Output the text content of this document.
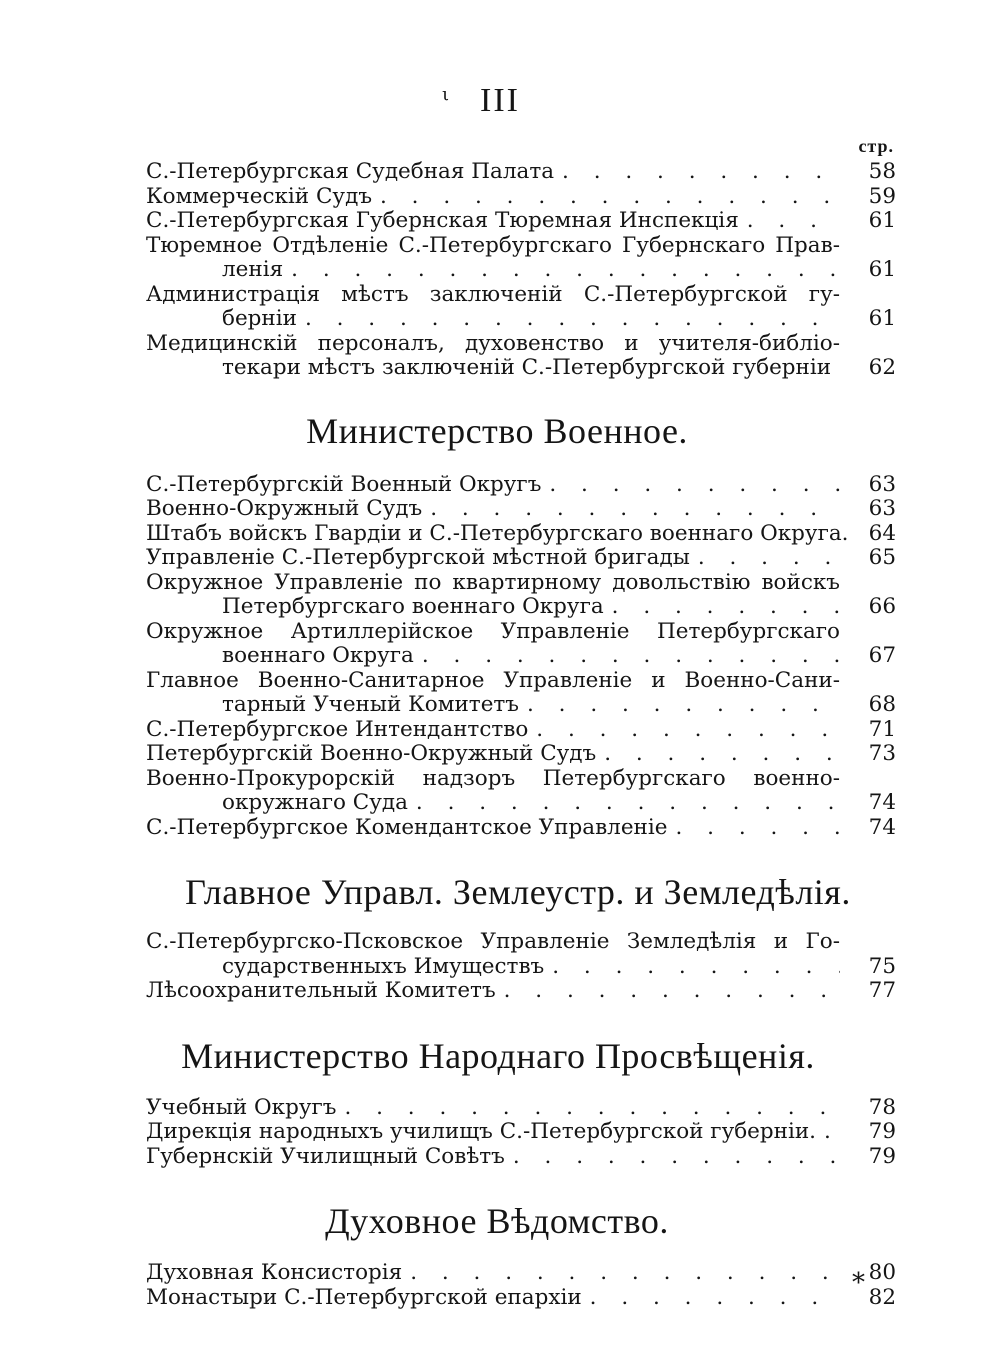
III
ι
стр.
С.-Петербургская Судебная Палата . . .	58
Коммерческій Судъ . . .	59
С.-Петербургская Губернская Тюремная Инспекція . . .	61
Тюремное Отдѣленіе С.-Петербургскаго Губернскаго Прав-
ленія . . .	61
Администрація мѣстъ заключеній С.-Петербургской гу-
берніи . . .	61
Медицинскій персоналъ, духовенство и учителя-библіо-
текари мѣстъ заключеній С.-Петербургской губерніи . . .	62
Министерство Военное.
С.-Петербургскій Военный Округъ . . .	63
Военно-Окружный Судъ . . .	63
Штабъ войскъ Гвардіи и С.-Петербургскаго военнаго Округа. . . . 64
Управленіе С.-Петербургской мѣстной бригады . . .	65
Окружное Управленіе по квартирному довольствію войскъ
Петербургскаго военнаго Округа . . .	66
Окружное Артиллерійское Управленіе Петербургскаго
военнаго Округа . . .	67
Главное Военно-Санитарное Управленіе и Военно-Сани-
тарный Ученый Комитетъ . . .	68
С.-Петербургское Интендантство . . .	71
Петербургскій Военно-Окружный Судъ . . .	73
Военно-Прокурорскій надзоръ Петербургскаго военно-
окружнаго Суда . . .	74
С.-Петербургское Комендантское Управленіе . . .	74
Главное Управл. Землеустр. и Земледѣлія.
С.-Петербургско-Псковское Управленіе Земледѣлія и Го-
сударственныхъ Имуществъ . . .	75
Лѣсоохранительный Комитетъ . . .	77
Министерство Народнаго Просвѣщенія.
Учебный Округъ . . .	78
Дирекція народныхъ училищъ С.-Петербургской губерніи. . . .	79
Губернскій Училищный Совѣтъ . . .	79
Духовное Вѣдомство.
Духовная Консисторія . . .	80
Монастыри С.-Петербургской епархіи . . .	82
*
